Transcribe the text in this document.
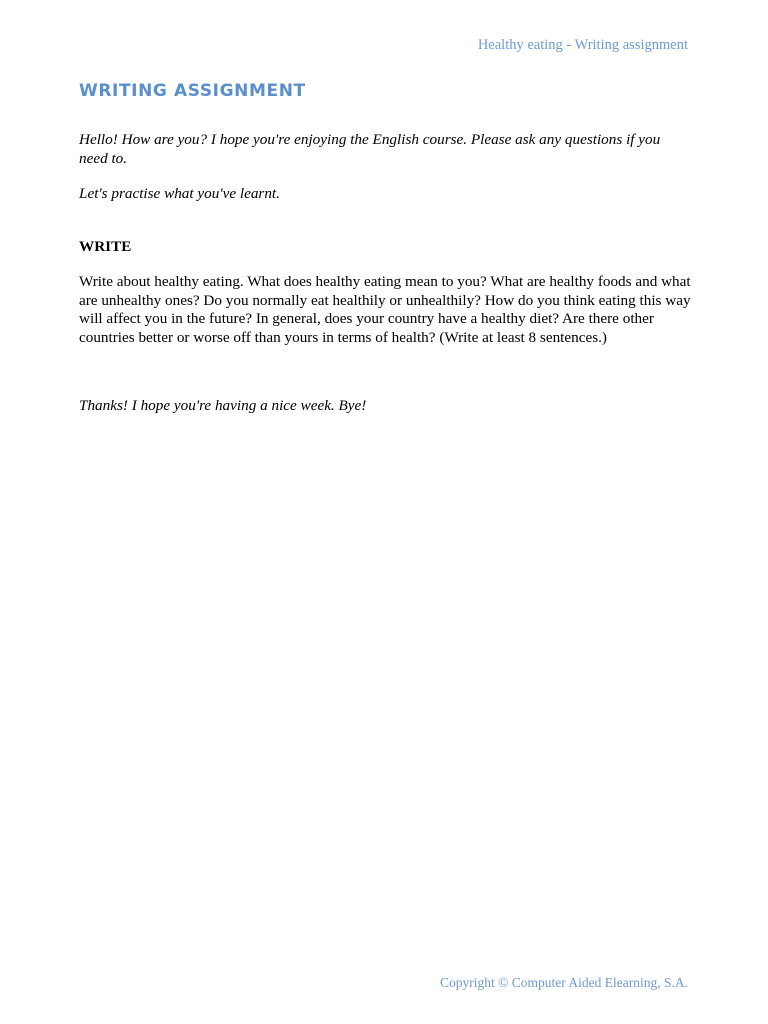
Healthy eating - Writing assignment
WRITING ASSIGNMENT

Hello! How are you? I hope you're enjoying the English course. Please ask any questions if you need to.

Let's practise what you've learnt.

WRITE

Write about healthy eating. What does healthy eating mean to you? What are healthy foods and what are unhealthy ones? Do you normally eat healthily or unhealthily? How do you think eating this way will affect you in the future? In general, does your country have a healthy diet? Are there other countries better or worse off than yours in terms of health? (Write at least 8 sentences.)

Thanks! I hope you're having a nice week. Bye!

Copyright © Computer Aided Elearning, S.A.
